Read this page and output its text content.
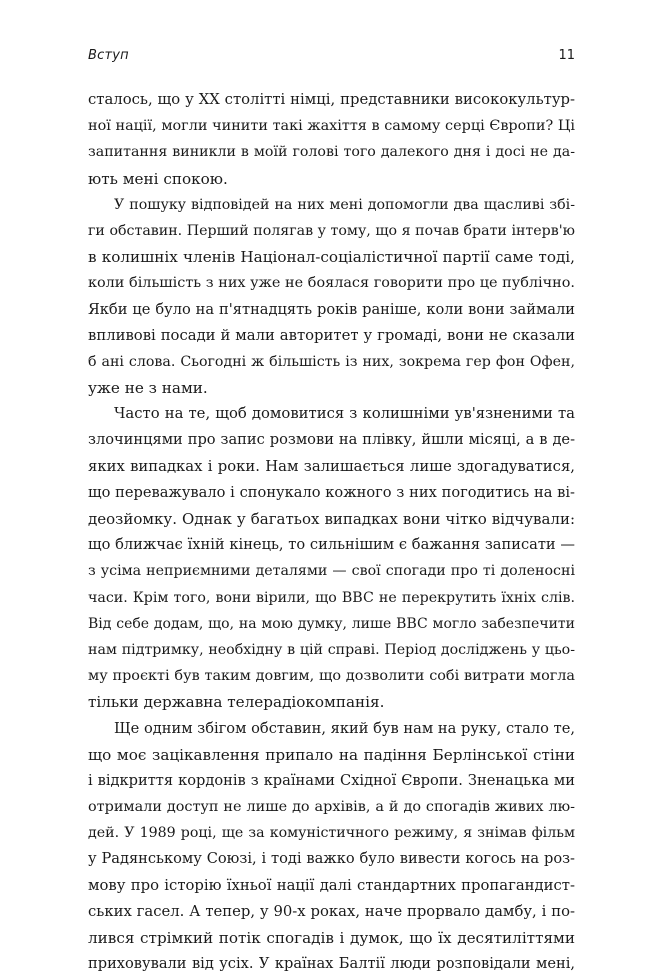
Вступ	11
сталось, що у XX столітті німці, представники висококультур-
ної нації, могли чинити такі жахіття в самому серці Європи? Ці
запитання виникли в моїй голові того далекого дня і досі не да-
ють мені спокою.
У пошуку відповідей на них мені допомогли два щасливі збі-
ги обставин. Перший полягав у тому, що я почав брати інтерв'ю
в колишніх членів Націонал-соціалістичної партії саме тоді,
коли більшість з них уже не боялася говорити про це публічно.
Якби це було на п'ятнадцять років раніше, коли вони займали
впливові посади й мали авторитет у громаді, вони не сказали
б ані слова. Сьогодні ж більшість із них, зокрема гер фон Офен,
уже не з нами.
Часто на те, щоб домовитися з колишніми ув'язненими та
злочинцями про запис розмови на плівку, йшли місяці, а в де-
яких випадках і роки. Нам залишається лише здогадуватися,
що переважувало і спонукало кожного з них погодитись на ві-
деозйомку. Однак у багатьох випадках вони чітко відчували:
що ближчає їхній кінець, то сильнішим є бажання записати —
з усіма неприємними деталями — свої спогади про ті доленосні
часи. Крім того, вони вірили, що BBC не перекрутить їхніх слів.
Від себе додам, що, на мою думку, лише BBC могло забезпечити
нам підтримку, необхідну в цій справі. Період досліджень у цьо-
му проєкті був таким довгим, що дозволити собі витрати могла
тільки державна телерадіокомпанія.
Ще одним збігом обставин, який був нам на руку, стало те,
що моє зацікавлення припало на падіння Берлінської стіни
і відкриття кордонів з країнами Східної Європи. Зненацька ми
отримали доступ не лише до архівів, а й до спогадів живих лю-
дей. У 1989 році, ще за комуністичного режиму, я знімав фільм
у Радянському Союзі, і тоді важко було вивести когось на роз-
мову про історію їхньої нації далі стандартних пропагандист-
ських гасел. А тепер, у 90-х роках, наче прорвало дамбу, і по-
лився стрімкий потік спогадів і думок, що їх десятиліттями
приховували від усіх. У країнах Балтії люди розповідали мені,
